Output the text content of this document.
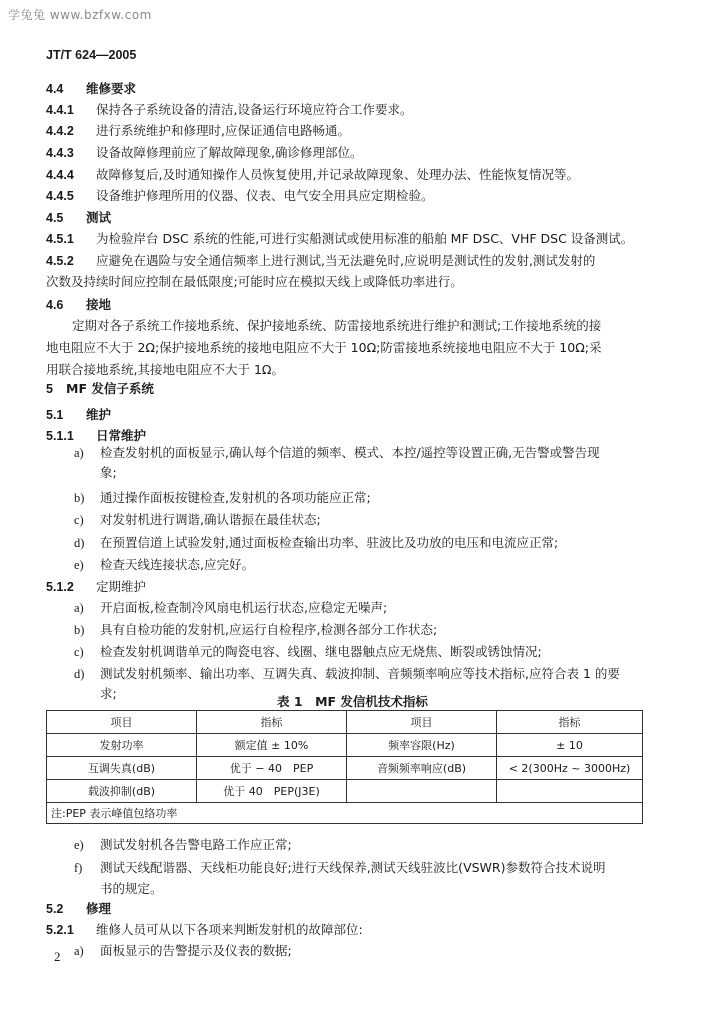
学兔兔 www.bzfxw.com
JT/T 624—2005
4.4 维修要求
4.4.1 保持各子系统设备的清洁,设备运行环境应符合工作要求。
4.4.2 进行系统维护和修理时,应保证通信电路畅通。
4.4.3 设备故障修理前应了解故障现象,确诊修理部位。
4.4.4 故障修复后,及时通知操作人员恢复使用,并记录故障现象、处理办法、性能恢复情况等。
4.4.5 设备维护修理所用的仪器、仪表、电气安全用具应定期检验。
4.5 测试
4.5.1 为检验岸台 DSC 系统的性能,可进行实船测试或使用标准的船舶 MF DSC、VHF DSC 设备测试。
4.5.2 应避免在遇险与安全通信频率上进行测试,当无法避免时,应说明是测试性的发射,测试发射的
次数及持续时间应控制在最低限度;可能时应在模拟天线上或降低功率进行。
4.6 接地
定期对各子系统工作接地系统、保护接地系统、防雷接地系统进行维护和测试;工作接地系统的接
地电阻应不大于 2Ω;保护接地系统的接地电阻应不大于 10Ω;防雷接地系统接地电阻应不大于 10Ω;采
用联合接地系统,其接地电阻应不大于 1Ω。
5 MF 发信子系统
5.1 维护
5.1.1 日常维护
a) 检查发射机的面板显示,确认每个信道的频率、模式、本控/遥控等设置正确,无告警或警告现
象;
b) 通过操作面板按键检查,发射机的各项功能应正常;
c) 对发射机进行调谐,确认谐振在最佳状态;
d) 在预置信道上试验发射,通过面板检查输出功率、驻波比及功放的电压和电流应正常;
e) 检查天线连接状态,应完好。
5.1.2 定期维护
a) 开启面板,检查制冷风扇电机运行状态,应稳定无噪声;
b) 具有自检功能的发射机,应运行自检程序,检测各部分工作状态;
c) 检查发射机调谐单元的陶瓷电容、线圈、继电器触点应无烧焦、断裂或锈蚀情况;
d) 测试发射机频率、输出功率、互调失真、载波抑制、音频频率响应等技术指标,应符合表 1 的要
求;
表 1　MF 发信机技术指标
项目	指标	项目	指标
发射功率	额定值 ± 10%	频率容限(Hz)	± 10
互调失真(dB)	优于 − 40　PEP	音频频率响应(dB)	< 2(300Hz ~ 3000Hz)
载波抑制(dB)	优于 40　PEP(J3E)		
注:PEP 表示峰值包络功率			
e) 测试发射机各告警电路工作应正常;
f) 测试天线配谐器、天线柜功能良好;进行天线保养,测试天线驻波比(VSWR)参数符合技术说明
书的规定。
5.2 修理
5.2.1 维修人员可从以下各项来判断发射机的故障部位:
a) 面板显示的告警提示及仪表的数据;
2
